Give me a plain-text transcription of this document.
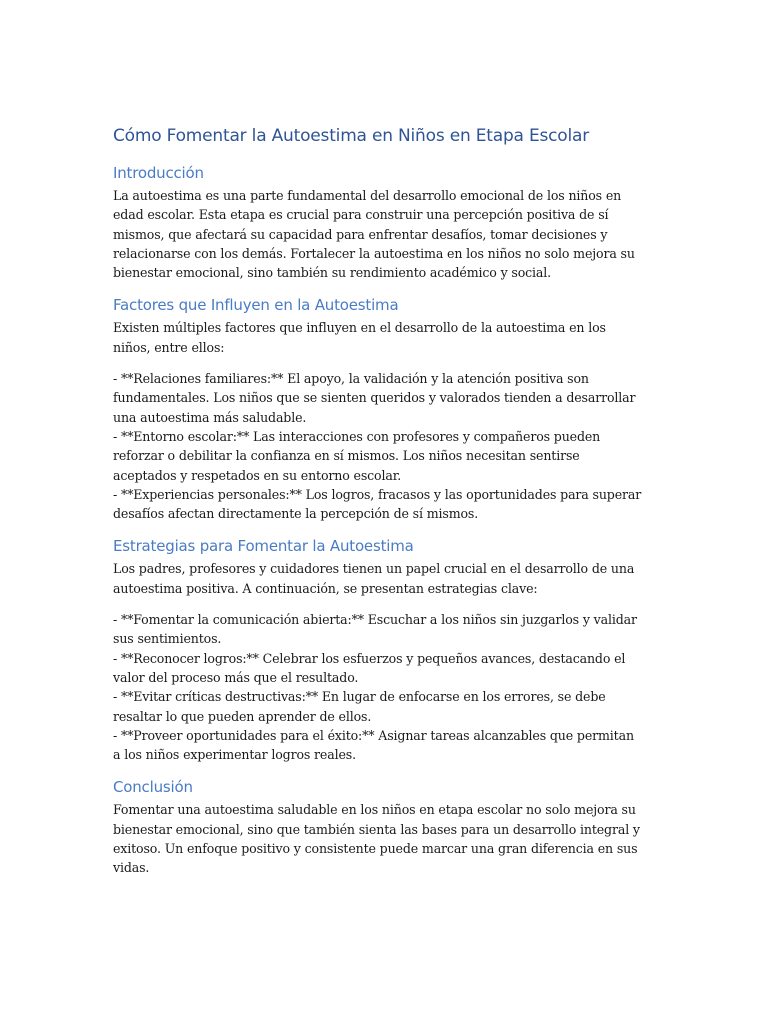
Cómo Fomentar la Autoestima en Niños en Etapa Escolar
Introducción

La autoestima es una parte fundamental del desarrollo emocional de los niños en edad escolar. Esta etapa es crucial para construir una percepción positiva de sí mismos, que afectará su capacidad para enfrentar desafíos, tomar decisiones y relacionarse con los demás. Fortalecer la autoestima en los niños no solo mejora su bienestar emocional, sino también su rendimiento académico y social.

Factores que Influyen en la Autoestima

Existen múltiples factores que influyen en el desarrollo de la autoestima en los niños, entre ellos:

- **Relaciones familiares:** El apoyo, la validación y la atención positiva son fundamentales. Los niños que se sienten queridos y valorados tienden a desarrollar una autoestima más saludable.

- **Entorno escolar:** Las interacciones con profesores y compañeros pueden reforzar o debilitar la confianza en sí mismos. Los niños necesitan sentirse aceptados y respetados en su entorno escolar.

- **Experiencias personales:** Los logros, fracasos y las oportunidades para superar desafíos afectan directamente la percepción de sí mismos.

Estrategias para Fomentar la Autoestima

Los padres, profesores y cuidadores tienen un papel crucial en el desarrollo de una autoestima positiva. A continuación, se presentan estrategias clave:

- **Fomentar la comunicación abierta:** Escuchar a los niños sin juzgarlos y validar sus sentimientos.

- **Reconocer logros:** Celebrar los esfuerzos y pequeños avances, destacando el valor del proceso más que el resultado.

- **Evitar críticas destructivas:** En lugar de enfocarse en los errores, se debe resaltar lo que pueden aprender de ellos.

- **Proveer oportunidades para el éxito:** Asignar tareas alcanzables que permitan a los niños experimentar logros reales.

Conclusión

Fomentar una autoestima saludable en los niños en etapa escolar no solo mejora su bienestar emocional, sino que también sienta las bases para un desarrollo integral y exitoso. Un enfoque positivo y consistente puede marcar una gran diferencia en sus vidas.
